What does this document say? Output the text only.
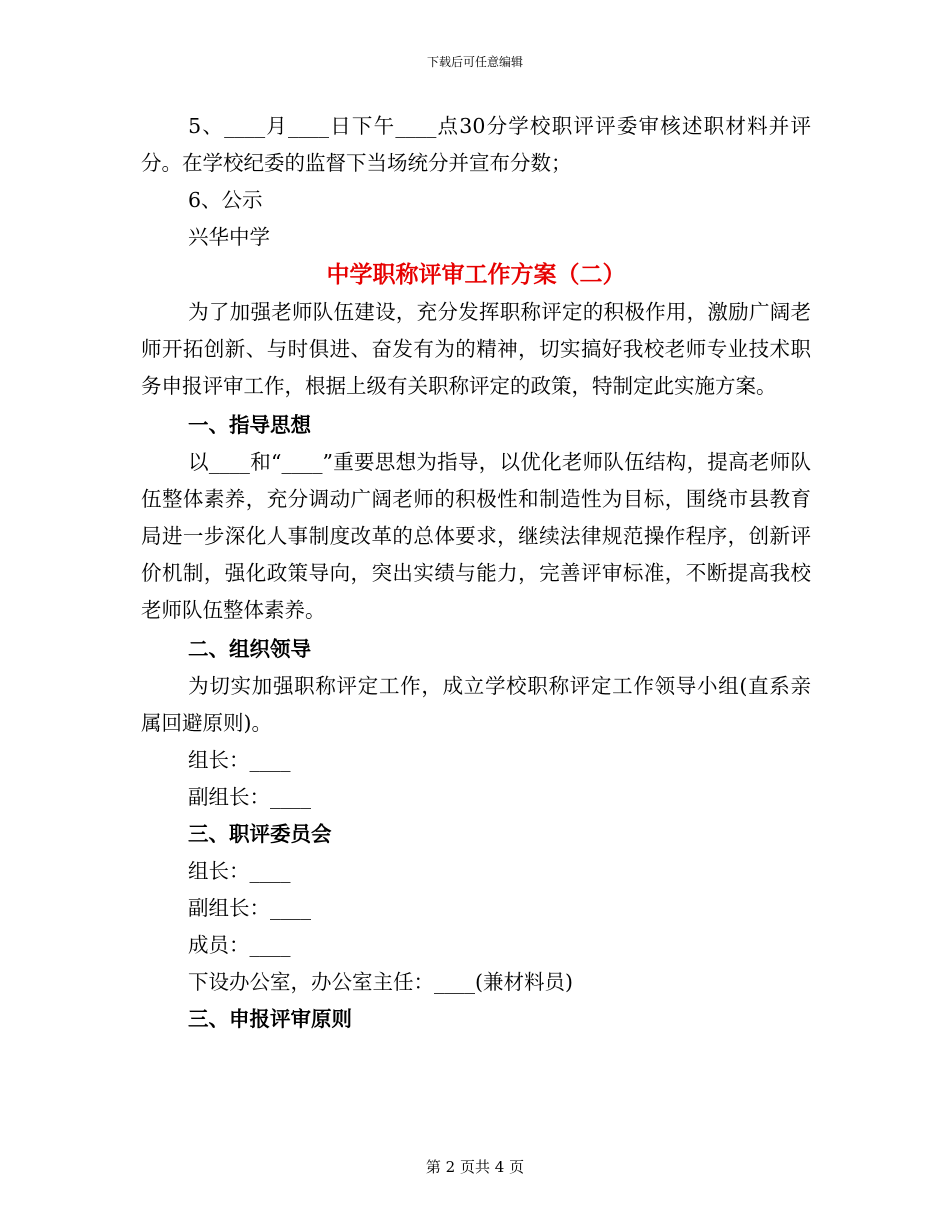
下载后可任意编辑

5、____月____日下午____点30分学校职评评委审核述职材料并评分。在学校纪委的监督下当场统分并宣布分数；

6、公示

兴华中学

中学职称评审工作方案（二）

为了加强老师队伍建设，充分发挥职称评定的积极作用，激励广阔老师开拓创新、与时俱进、奋发有为的精神，切实搞好我校老师专业技术职务申报评审工作，根据上级有关职称评定的政策，特制定此实施方案。

一、指导思想

以____和“____”重要思想为指导，以优化老师队伍结构，提高老师队伍整体素养，充分调动广阔老师的积极性和制造性为目标，围绕市县教育局进一步深化人事制度改革的总体要求，继续法律规范操作程序，创新评价机制，强化政策导向，突出实绩与能力，完善评审标准，不断提高我校老师队伍整体素养。

二、组织领导

为切实加强职称评定工作，成立学校职称评定工作领导小组(直系亲属回避原则)。

组长：____

副组长：____

三、职评委员会

组长：____

副组长：____

成员：____

下设办公室，办公室主任：____(兼材料员)

三、申报评审原则

第 2 页共 4 页
